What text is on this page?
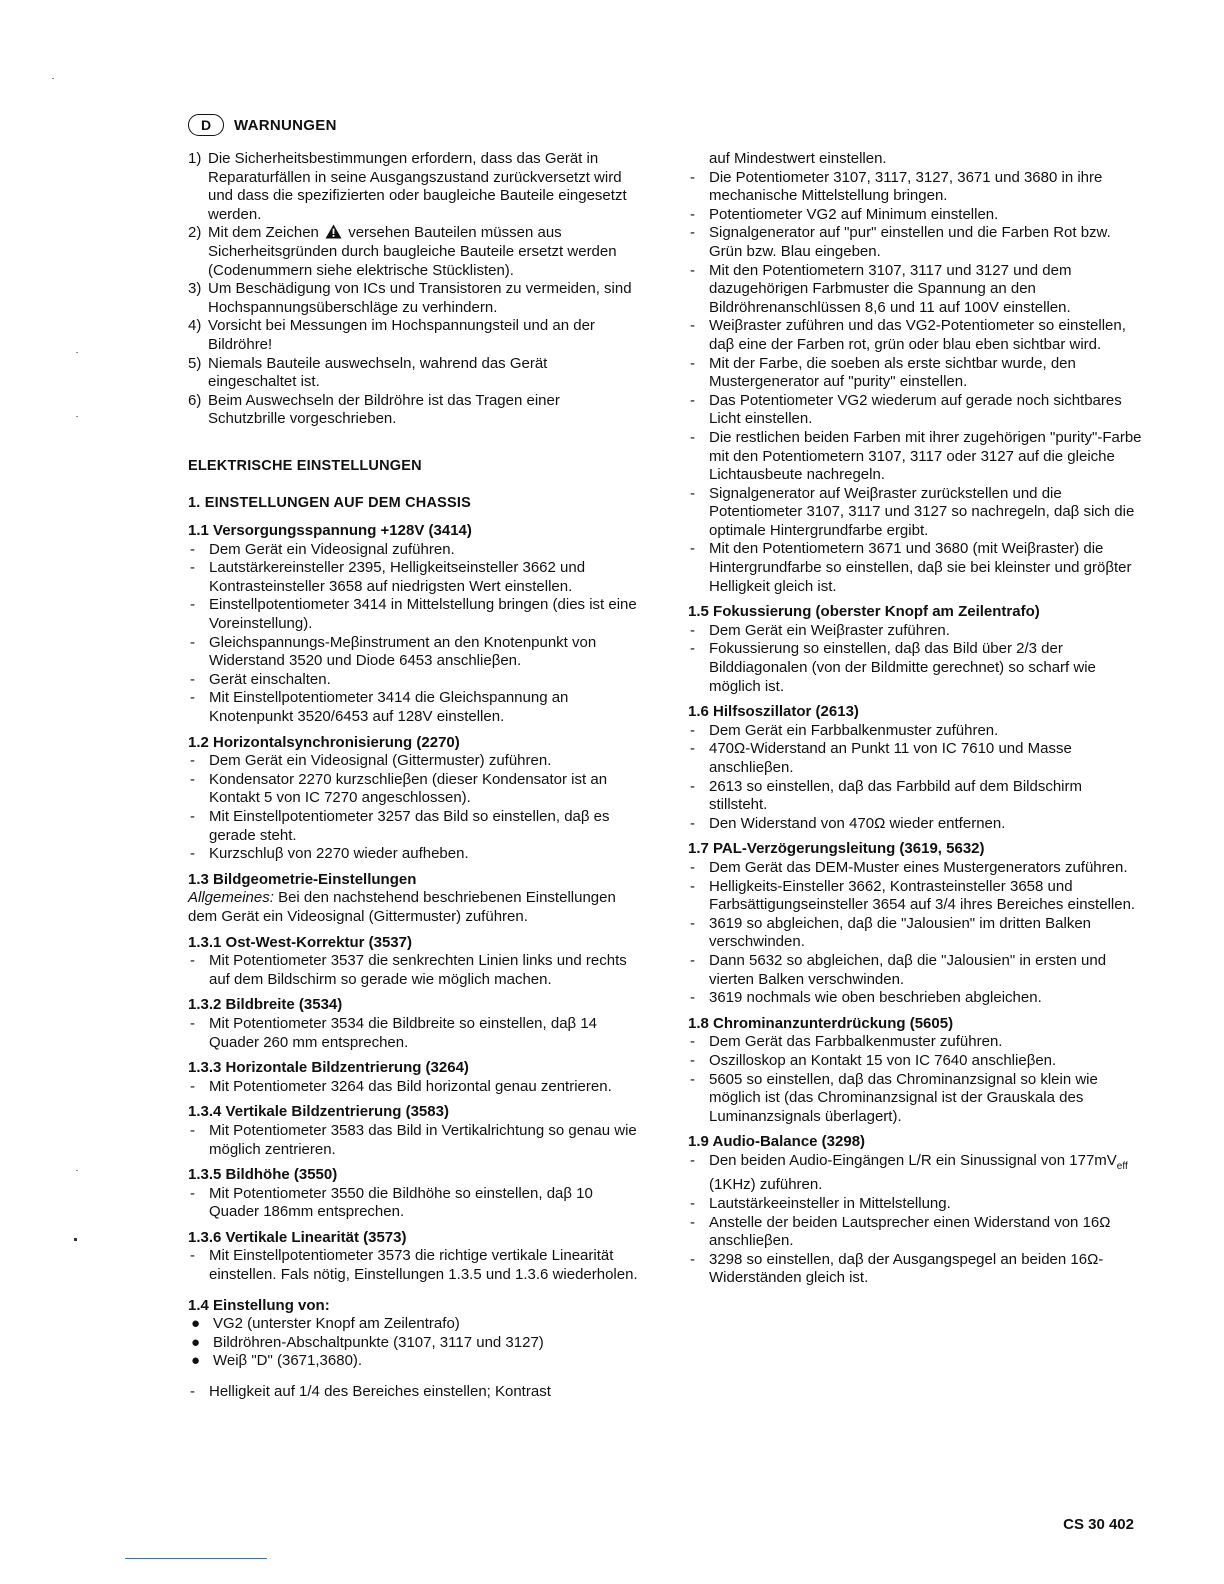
D	WARNUNGEN
1) Die Sicherheitsbestimmungen erfordern, dass das Gerät in Reparaturfällen in seine Ausgangszustand zurückversetzt wird und dass die spezifizierten oder baugleiche Bauteile eingesetzt werden.
2) Mit dem Zeichen versehen Bauteilen müssen aus Sicherheitsgründen durch baugleiche Bauteile ersetzt werden (Codenummern siehe elektrische Stücklisten).
3) Um Beschädigung von ICs und Transistoren zu vermeiden, sind Hochspannungsüberschläge zu verhindern.
4) Vorsicht bei Messungen im Hochspannungsteil und an der Bildröhre!
5) Niemals Bauteile auswechseln, wahrend das Gerät eingeschaltet ist.
6) Beim Auswechseln der Bildröhre ist das Tragen einer Schutzbrille vorgeschrieben.
ELEKTRISCHE EINSTELLUNGEN
1. EINSTELLUNGEN AUF DEM CHASSIS
1.1 Versorgungsspannung +128V (3414)
- Dem Gerät ein Videosignal zuführen.
- Lautstärkereinsteller 2395, Helligkeitseinsteller 3662 und Kontrasteinsteller 3658 auf niedrigsten Wert einstellen.
- Einstellpotentiometer 3414 in Mittelstellung bringen (dies ist eine Voreinstellung).
- Gleichspannungs-Meβinstrument an den Knotenpunkt von Widerstand 3520 und Diode 6453 anschlieβen.
- Gerät einschalten.
- Mit Einstellpotentiometer 3414 die Gleichspannung an Knotenpunkt 3520/6453 auf 128V einstellen.
1.2 Horizontalsynchronisierung (2270)
- Dem Gerät ein Videosignal (Gittermuster) zuführen.
- Kondensator 2270 kurzschlieβen (dieser Kondensator ist an Kontakt 5 von IC 7270 angeschlossen).
- Mit Einstellpotentiometer 3257 das Bild so einstellen, daβ es gerade steht.
- Kurzschluβ von 2270 wieder aufheben.
1.3 Bildgeometrie-Einstellungen
Allgemeines: Bei den nachstehend beschriebenen Einstellungen dem Gerät ein Videosignal (Gittermuster) zuführen.
1.3.1 Ost-West-Korrektur (3537)
- Mit Potentiometer 3537 die senkrechten Linien links und rechts auf dem Bildschirm so gerade wie möglich machen.
1.3.2 Bildbreite (3534)
- Mit Potentiometer 3534 die Bildbreite so einstellen, daβ 14 Quader 260 mm entsprechen.
1.3.3 Horizontale Bildzentrierung (3264)
- Mit Potentiometer 3264 das Bild horizontal genau zentrieren.
1.3.4 Vertikale Bildzentrierung (3583)
- Mit Potentiometer 3583 das Bild in Vertikalrichtung so genau wie möglich zentrieren.
1.3.5 Bildhöhe (3550)
- Mit Potentiometer 3550 die Bildhöhe so einstellen, daβ 10 Quader 186mm entsprechen.
1.3.6 Vertikale Linearität (3573)
- Mit Einstellpotentiometer 3573 die richtige vertikale Linearität einstellen. Fals nötig, Einstellungen 1.3.5 und 1.3.6 wiederholen.
1.4 Einstellung von:
● VG2 (unterster Knopf am Zeilentrafo)
● Bildröhren-Abschaltpunkte (3107, 3117 und 3127)
● Weiβ "D" (3671,3680).
- Helligkeit auf 1/4 des Bereiches einstellen; Kontrast
auf Mindestwert einstellen.
- Die Potentiometer 3107, 3117, 3127, 3671 und 3680 in ihre mechanische Mittelstellung bringen.
- Potentiometer VG2 auf Minimum einstellen.
- Signalgenerator auf "pur" einstellen und die Farben Rot bzw. Grün bzw. Blau eingeben.
- Mit den Potentiometern 3107, 3117 und 3127 und dem dazugehörigen Farbmuster die Spannung an den Bildröhrenanschlüssen 8,6 und 11 auf 100V einstellen.
- Weiβraster zuführen und das VG2-Potentiometer so einstellen, daβ eine der Farben rot, grün oder blau eben sichtbar wird.
- Mit der Farbe, die soeben als erste sichtbar wurde, den Mustergenerator auf "purity" einstellen.
- Das Potentiometer VG2 wiederum auf gerade noch sichtbares Licht einstellen.
- Die restlichen beiden Farben mit ihrer zugehörigen "purity"-Farbe mit den Potentiometern 3107, 3117 oder 3127 auf die gleiche Lichtausbeute nachregeln.
- Signalgenerator auf Weiβraster zurückstellen und die Potentiometer 3107, 3117 und 3127 so nachregeln, daβ sich die optimale Hintergrundfarbe ergibt.
- Mit den Potentiometern 3671 und 3680 (mit Weiβraster) die Hintergrundfarbe so einstellen, daβ sie bei kleinster und gröβter Helligkeit gleich ist.
1.5 Fokussierung (oberster Knopf am Zeilentrafo)
- Dem Gerät ein Weiβraster zuführen.
- Fokussierung so einstellen, daβ das Bild über 2/3 der Bilddiagonalen (von der Bildmitte gerechnet) so scharf wie möglich ist.
1.6 Hilfsoszillator (2613)
- Dem Gerät ein Farbbalkenmuster zuführen.
- 470Ω-Widerstand an Punkt 11 von IC 7610 und Masse anschlieβen.
- 2613 so einstellen, daβ das Farbbild auf dem Bildschirm stillsteht.
- Den Widerstand von 470Ω wieder entfernen.
1.7 PAL-Verzögerungsleitung (3619, 5632)
- Dem Gerät das DEM-Muster eines Mustergenerators zuführen.
- Helligkeits-Einsteller 3662, Kontrasteinsteller 3658 und Farbsättigungseinsteller 3654 auf 3/4 ihres Bereiches einstellen.
- 3619 so abgleichen, daβ die "Jalousien" im dritten Balken verschwinden.
- Dann 5632 so abgleichen, daβ die "Jalousien" in ersten und vierten Balken verschwinden.
- 3619 nochmals wie oben beschrieben abgleichen.
1.8 Chrominanzunterdrückung (5605)
- Dem Gerät das Farbbalkenmuster zuführen.
- Oszilloskop an Kontakt 15 von IC 7640 anschlieβen.
- 5605 so einstellen, daβ das Chrominanzsignal so klein wie möglich ist (das Chrominanzsignal ist der Grauskala des Luminanzsignals überlagert).
1.9 Audio-Balance (3298)
- Den beiden Audio-Eingängen L/R ein Sinussignal von $177mV_{eff}$ (1KHz) zuführen.
- Lautstärkeeinsteller in Mittelstellung.
- Anstelle der beiden Lautsprecher einen Widerstand von 16Ω anschlieβen.
- 3298 so einstellen, daβ der Ausgangspegel an beiden 16Ω-Widerständen gleich ist.
CS 30 402
